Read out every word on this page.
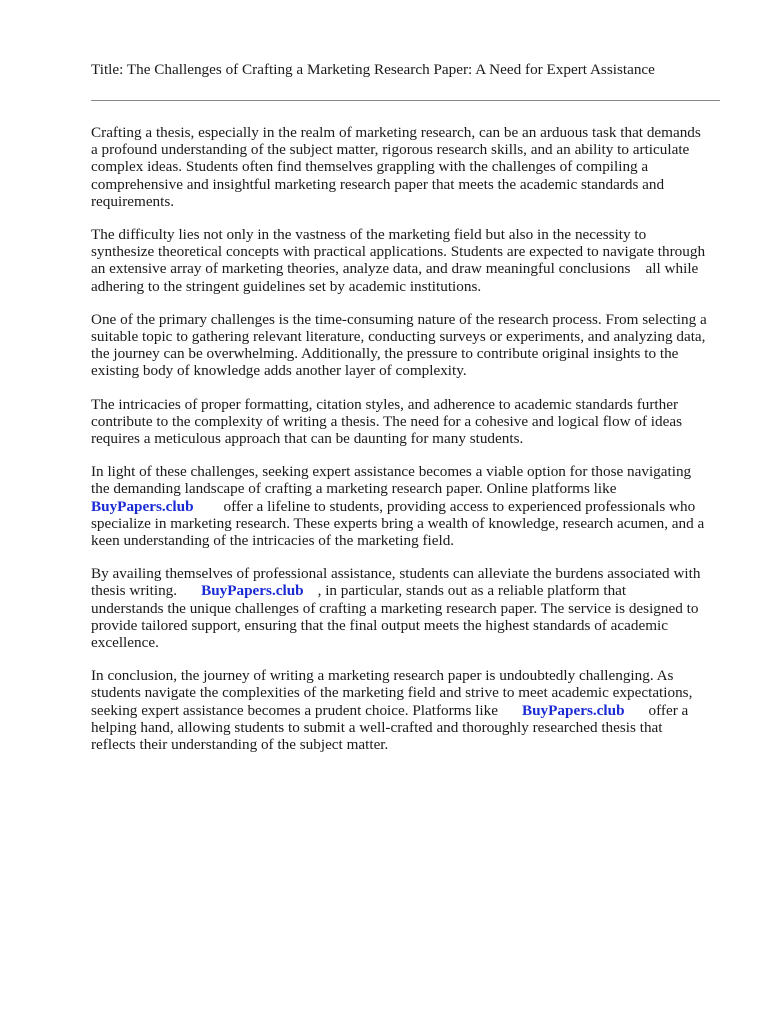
Title: The Challenges of Crafting a Marketing Research Paper: A Need for Expert Assistance

Crafting a thesis, especially in the realm of marketing research, can be an arduous task that demands
a profound understanding of the subject matter, rigorous research skills, and an ability to articulate
complex ideas. Students often find themselves grappling with the challenges of compiling a
comprehensive and insightful marketing research paper that meets the academic standards and
requirements.

The difficulty lies not only in the vastness of the marketing field but also in the necessity to
synthesize theoretical concepts with practical applications. Students are expected to navigate through
an extensive array of marketing theories, analyze data, and draw meaningful conclusions    all while
adhering to the stringent guidelines set by academic institutions.

One of the primary challenges is the time-consuming nature of the research process. From selecting a
suitable topic to gathering relevant literature, conducting surveys or experiments, and analyzing data,
the journey can be overwhelming. Additionally, the pressure to contribute original insights to the
existing body of knowledge adds another layer of complexity.

The intricacies of proper formatting, citation styles, and adherence to academic standards further
contribute to the complexity of writing a thesis. The need for a cohesive and logical flow of ideas
requires a meticulous approach that can be daunting for many students.

In light of these challenges, seeking expert assistance becomes a viable option for those navigating
the demanding landscape of crafting a marketing research paper. Online platforms like
BuyPapers.club offer a lifeline to students, providing access to experienced professionals who
specialize in marketing research. These experts bring a wealth of knowledge, research acumen, and a
keen understanding of the intricacies of the marketing field.

By availing themselves of professional assistance, students can alleviate the burdens associated with
thesis writing. BuyPapers.club , in particular, stands out as a reliable platform that
understands the unique challenges of crafting a marketing research paper. The service is designed to
provide tailored support, ensuring that the final output meets the highest standards of academic
excellence.

In conclusion, the journey of writing a marketing research paper is undoubtedly challenging. As
students navigate the complexities of the marketing field and strive to meet academic expectations,
seeking expert assistance becomes a prudent choice. Platforms like BuyPapers.club offer a
helping hand, allowing students to submit a well-crafted and thoroughly researched thesis that
reflects their understanding of the subject matter.
